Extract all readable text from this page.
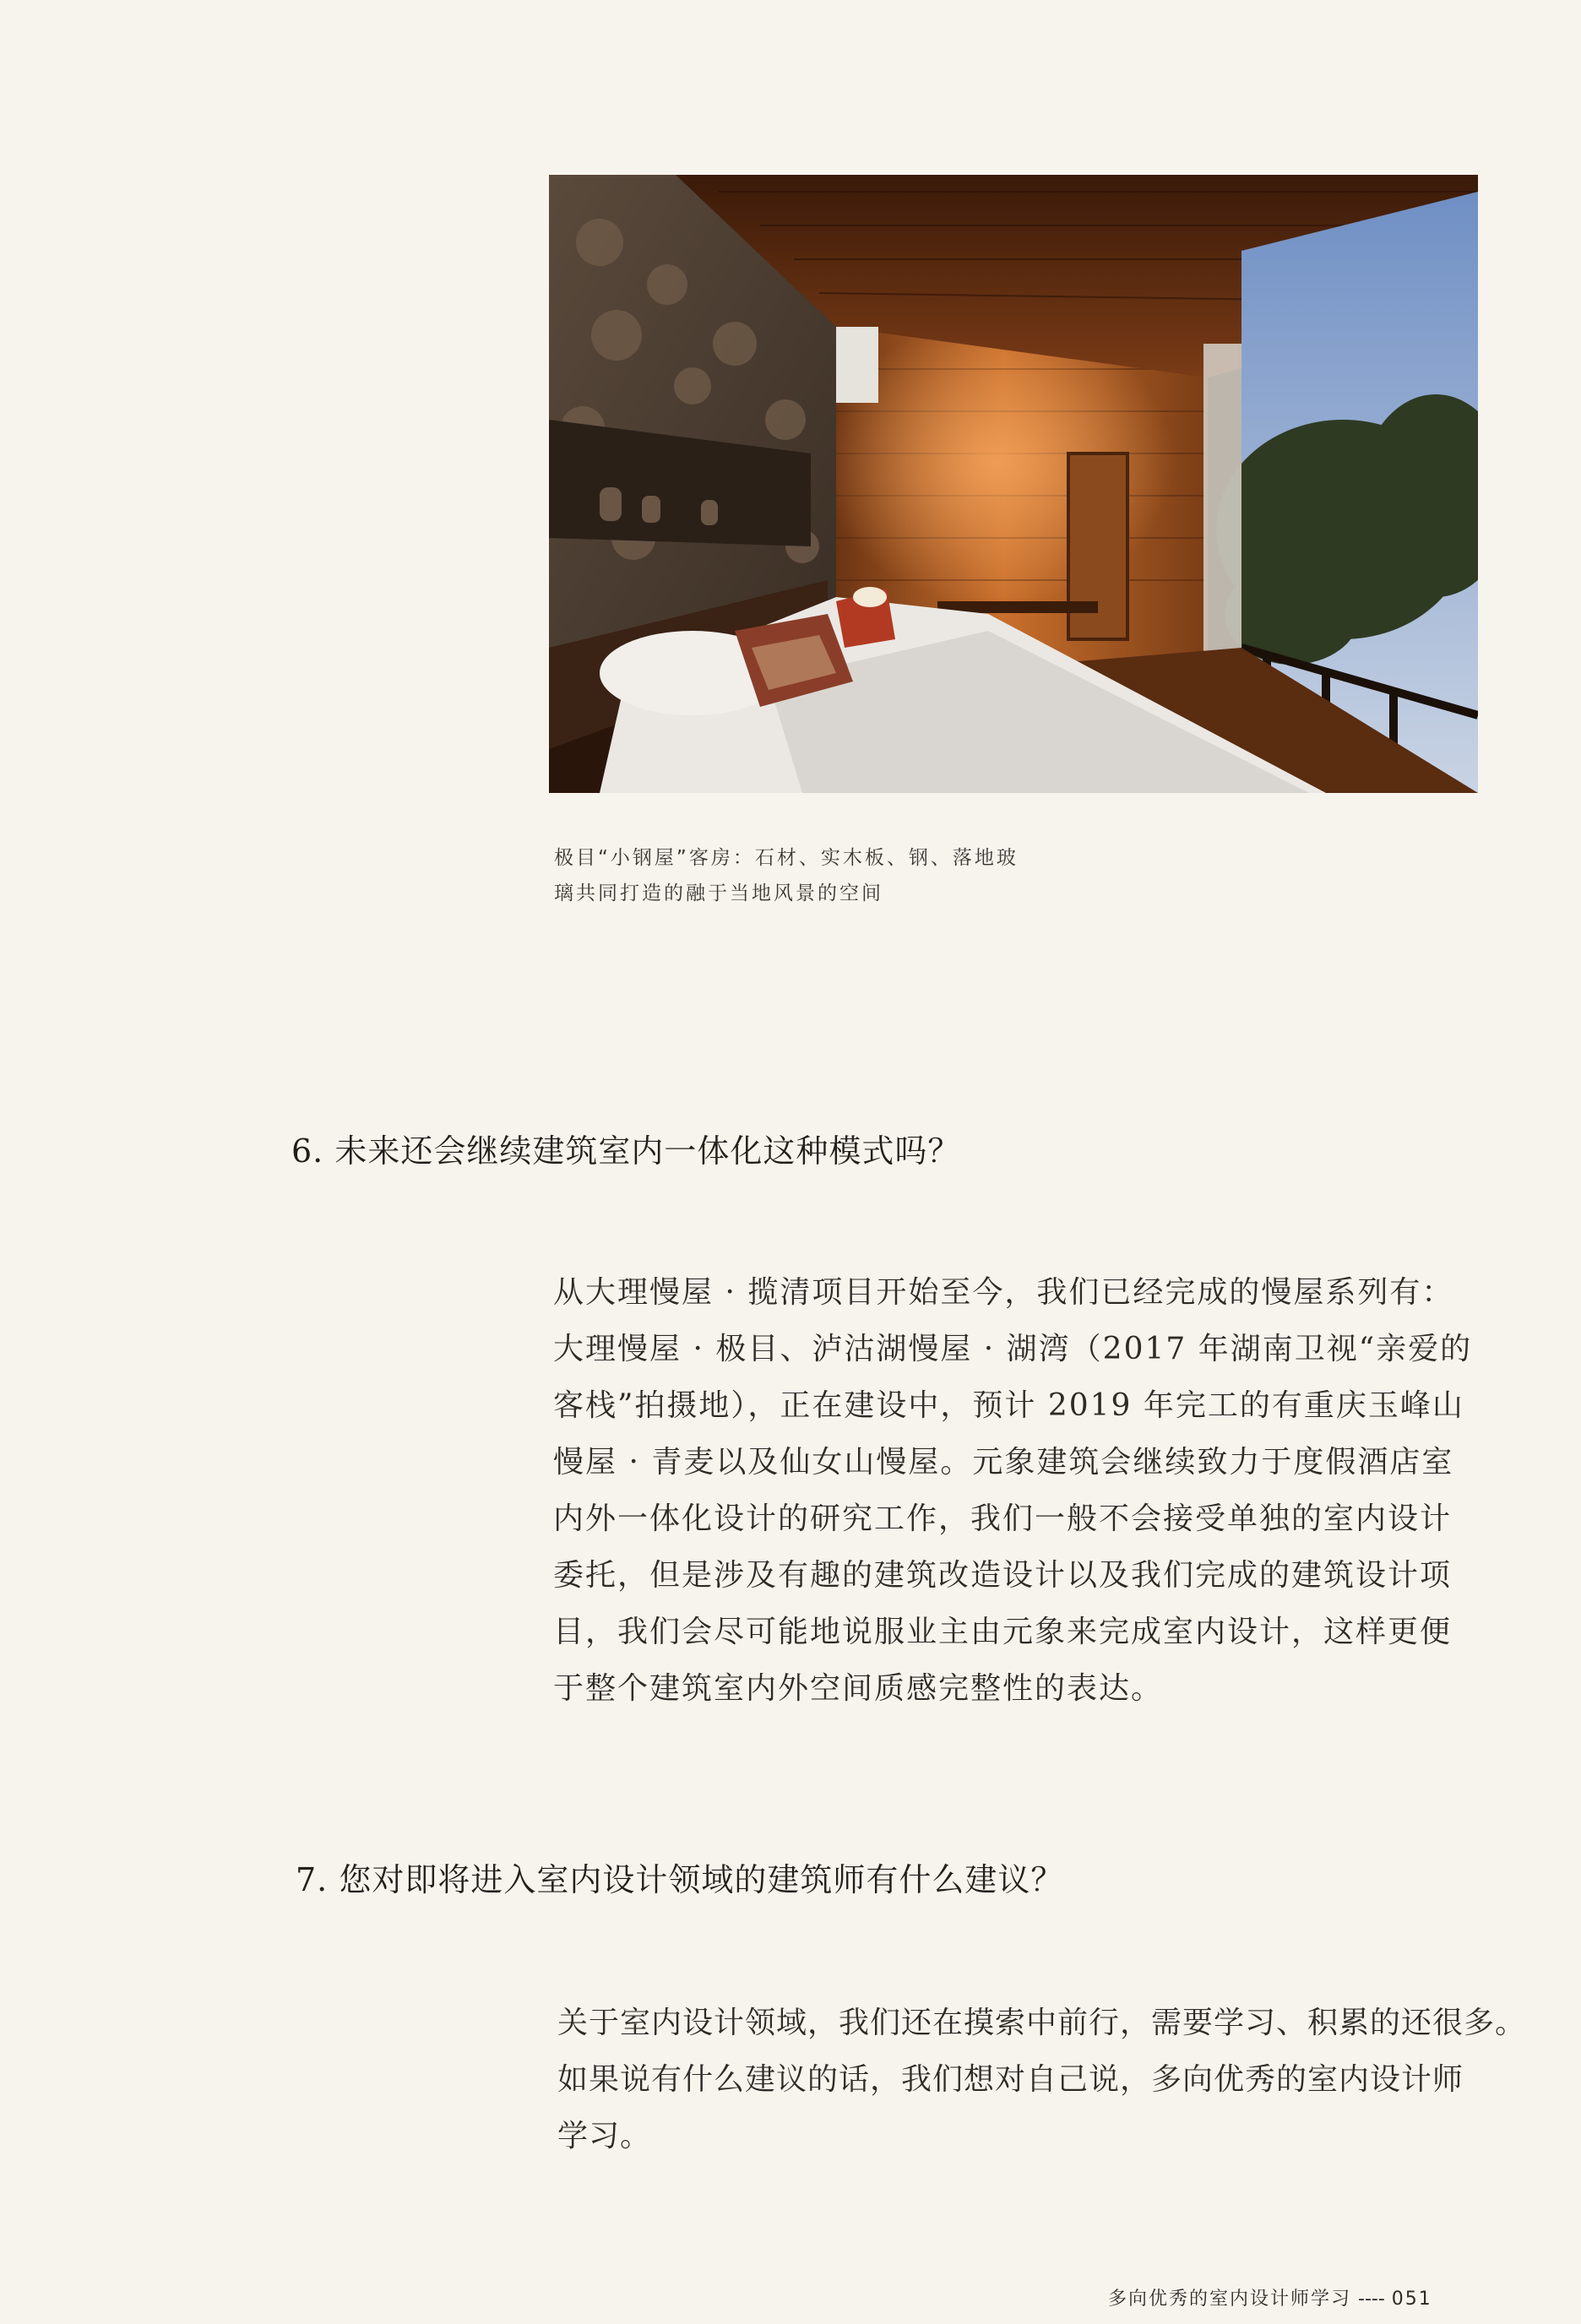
极目“小钢屋”客房：石材、实木板、钢、落地玻
璃共同打造的融于当地风景的空间
6. 未来还会继续建筑室内一体化这种模式吗？
从大理慢屋 · 揽清项目开始至今，我们已经完成的慢屋系列有：
大理慢屋 · 极目、泸沽湖慢屋 · 湖湾（2017 年湖南卫视“亲爱的
客栈”拍摄地），正在建设中，预计 2019 年完工的有重庆玉峰山
慢屋 · 青麦以及仙女山慢屋。元象建筑会继续致力于度假酒店室
内外一体化设计的研究工作，我们一般不会接受单独的室内设计
委托，但是涉及有趣的建筑改造设计以及我们完成的建筑设计项
目，我们会尽可能地说服业主由元象来完成室内设计，这样更便
于整个建筑室内外空间质感完整性的表达。
7. 您对即将进入室内设计领域的建筑师有什么建议？
关于室内设计领域，我们还在摸索中前行，需要学习、积累的还很多。
如果说有什么建议的话，我们想对自己说，多向优秀的室内设计师
学习。
多向优秀的室内设计师学习 ---- 051
